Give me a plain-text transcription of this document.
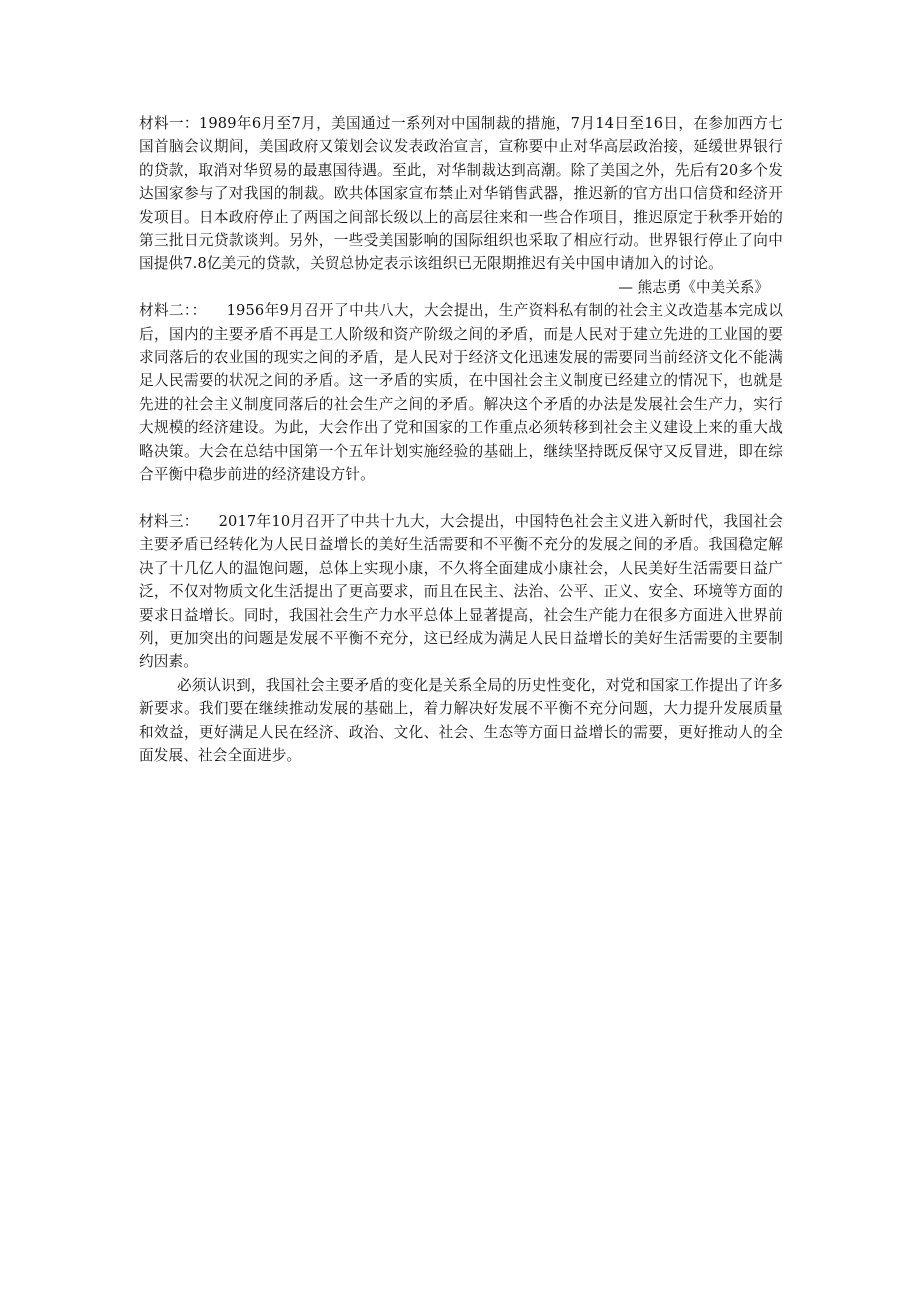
材料一：1989年6月至7月，美国通过一系列对中国制裁的措施，7月14日至16日，在参加西方七国首脑会议期间，美国政府又策划会议发表政治宣言，宣称要中止对华高层政治接，延缓世界银行的贷款，取消对华贸易的最惠国待遇。至此，对华制裁达到高潮。除了美国之外，先后有20多个发达国家参与了对我国的制裁。欧共体国家宣布禁止对华销售武器，推迟新的官方出口信贷和经济开发项目。日本政府停止了两国之间部长级以上的高层往来和一些合作项目，推迟原定于秋季开始的第三批日元贷款谈判。另外，一些受美国影响的国际组织也采取了相应行动。世界银行停止了向中国提供7.8亿美元的贷款，关贸总协定表示该组织已无限期推迟有关中国申请加入的讨论。

— 熊志勇《中美关系》

材料二：： 1956年9月召开了中共八大，大会提出，生产资料私有制的社会主义改造基本完成以后，国内的主要矛盾不再是工人阶级和资产阶级之间的矛盾，而是人民对于建立先进的工业国的要求同落后的农业国的现实之间的矛盾，是人民对于经济文化迅速发展的需要同当前经济文化不能满足人民需要的状况之间的矛盾。这一矛盾的实质，在中国社会主义制度已经建立的情况下，也就是先进的社会主义制度同落后的社会生产之间的矛盾。解决这个矛盾的办法是发展社会生产力，实行大规模的经济建设。为此，大会作出了党和国家的工作重点必须转移到社会主义建设上来的重大战略决策。大会在总结中国第一个五年计划实施经验的基础上，继续坚持既反保守又反冒进，即在综合平衡中稳步前进的经济建设方针。

材料三： 2017年10月召开了中共十九大，大会提出，中国特色社会主义进入新时代，我国社会主要矛盾已经转化为人民日益增长的美好生活需要和不平衡不充分的发展之间的矛盾。我国稳定解决了十几亿人的温饱问题，总体上实现小康，不久将全面建成小康社会，人民美好生活需要日益广泛，不仅对物质文化生活提出了更高要求，而且在民主、法治、公平、正义、安全、环境等方面的要求日益增长。同时，我国社会生产力水平总体上显著提高，社会生产能力在很多方面进入世界前列，更加突出的问题是发展不平衡不充分，这已经成为满足人民日益增长的美好生活需要的主要制约因素。

必须认识到，我国社会主要矛盾的变化是关系全局的历史性变化，对党和国家工作提出了许多新要求。我们要在继续推动发展的基础上，着力解决好发展不平衡不充分问题，大力提升发展质量和效益，更好满足人民在经济、政治、文化、社会、生态等方面日益增长的需要，更好推动人的全面发展、社会全面进步。
